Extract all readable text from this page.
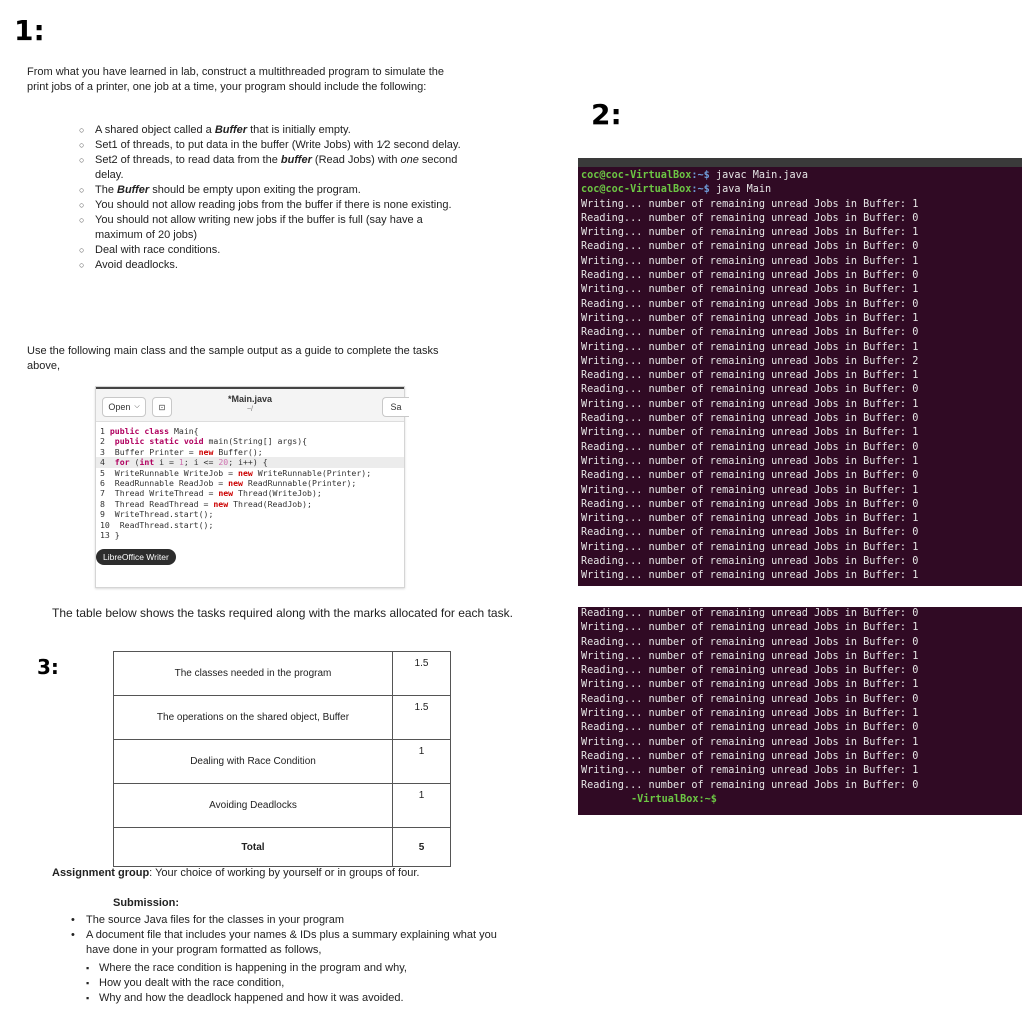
1:
2:
3:
From what you have learned in lab, construct a multithreaded program to simulate the print jobs of a printer, one job at a time, your program should include the following:
○ A shared object called a Buffer that is initially empty.
○ Set1 of threads, to put data in the buffer (Write Jobs) with 1⁄2 second delay.
○ Set2 of threads, to read data from the buffer (Read Jobs) with one second delay.
○ The Buffer should be empty upon exiting the program.
○ You should not allow reading jobs from the buffer if there is none existing.
○ You should not allow writing new jobs if the buffer is full (say have a maximum of 20 jobs)
○ Deal with race conditions.
○ Avoid deadlocks.
Use the following main class and the sample output as a guide to complete the tasks above,
Open ⌵ ⊡
*Main.java
~/	Sa
1 public class Main{
2  public static void main(String[] args){
3  Buffer Printer = new Buffer();
4  for (int i = 1; i <= 20; i++) {
5  WriteRunnable WriteJob = new WriteRunnable(Printer);
6  ReadRunnable ReadJob = new ReadRunnable(Printer);
7  Thread WriteThread = new Thread(WriteJob);
8  Thread ReadThread = new Thread(ReadJob);
9  WriteThread.start();
10  ReadThread.start();
13 }
LibreOffice Writer
The table below shows the tasks required along with the marks allocated for each task.
The classes needed in the program	1.5
The operations on the shared object, Buffer	1.5
Dealing with Race Condition	1
Avoiding Deadlocks	1
Total	5
Assignment group: Your choice of working by yourself or in groups of four.
Submission:
• The source Java files for the classes in your program
• A document file that includes your names & IDs plus a summary explaining what you have done in your program formatted as follows,
▪ Where the race condition is happening in the program and why,
▪ How you dealt with the race condition,
▪ Why and how the deadlock happened and how it was avoided.
coc@coc-VirtualBox:~$ javac Main.java
coc@coc-VirtualBox:~$ java Main
Writing... number of remaining unread Jobs in Buffer: 1
Reading... number of remaining unread Jobs in Buffer: 0
Writing... number of remaining unread Jobs in Buffer: 1
Reading... number of remaining unread Jobs in Buffer: 0
Writing... number of remaining unread Jobs in Buffer: 1
Reading... number of remaining unread Jobs in Buffer: 0
Writing... number of remaining unread Jobs in Buffer: 1
Reading... number of remaining unread Jobs in Buffer: 0
Writing... number of remaining unread Jobs in Buffer: 1
Reading... number of remaining unread Jobs in Buffer: 0
Writing... number of remaining unread Jobs in Buffer: 1
Writing... number of remaining unread Jobs in Buffer: 2
Reading... number of remaining unread Jobs in Buffer: 1
Reading... number of remaining unread Jobs in Buffer: 0
Writing... number of remaining unread Jobs in Buffer: 1
Reading... number of remaining unread Jobs in Buffer: 0
Writing... number of remaining unread Jobs in Buffer: 1
Reading... number of remaining unread Jobs in Buffer: 0
Writing... number of remaining unread Jobs in Buffer: 1
Reading... number of remaining unread Jobs in Buffer: 0
Writing... number of remaining unread Jobs in Buffer: 1
Reading... number of remaining unread Jobs in Buffer: 0
Writing... number of remaining unread Jobs in Buffer: 1
Reading... number of remaining unread Jobs in Buffer: 0
Writing... number of remaining unread Jobs in Buffer: 1
Reading... number of remaining unread Jobs in Buffer: 0
Writing... number of remaining unread Jobs in Buffer: 1
Reading... number of remaining unread Jobs in Buffer: 0
Writing... number of remaining unread Jobs in Buffer: 1
Reading... number of remaining unread Jobs in Buffer: 0
Writing... number of remaining unread Jobs in Buffer: 1
Reading... number of remaining unread Jobs in Buffer: 0
Writing... number of remaining unread Jobs in Buffer: 1
Reading... number of remaining unread Jobs in Buffer: 0
Writing... number of remaining unread Jobs in Buffer: 1
Reading... number of remaining unread Jobs in Buffer: 0
Writing... number of remaining unread Jobs in Buffer: 1
Reading... number of remaining unread Jobs in Buffer: 0
Writing... number of remaining unread Jobs in Buffer: 1
Reading... number of remaining unread Jobs in Buffer: 0
-VirtualBox:~$
